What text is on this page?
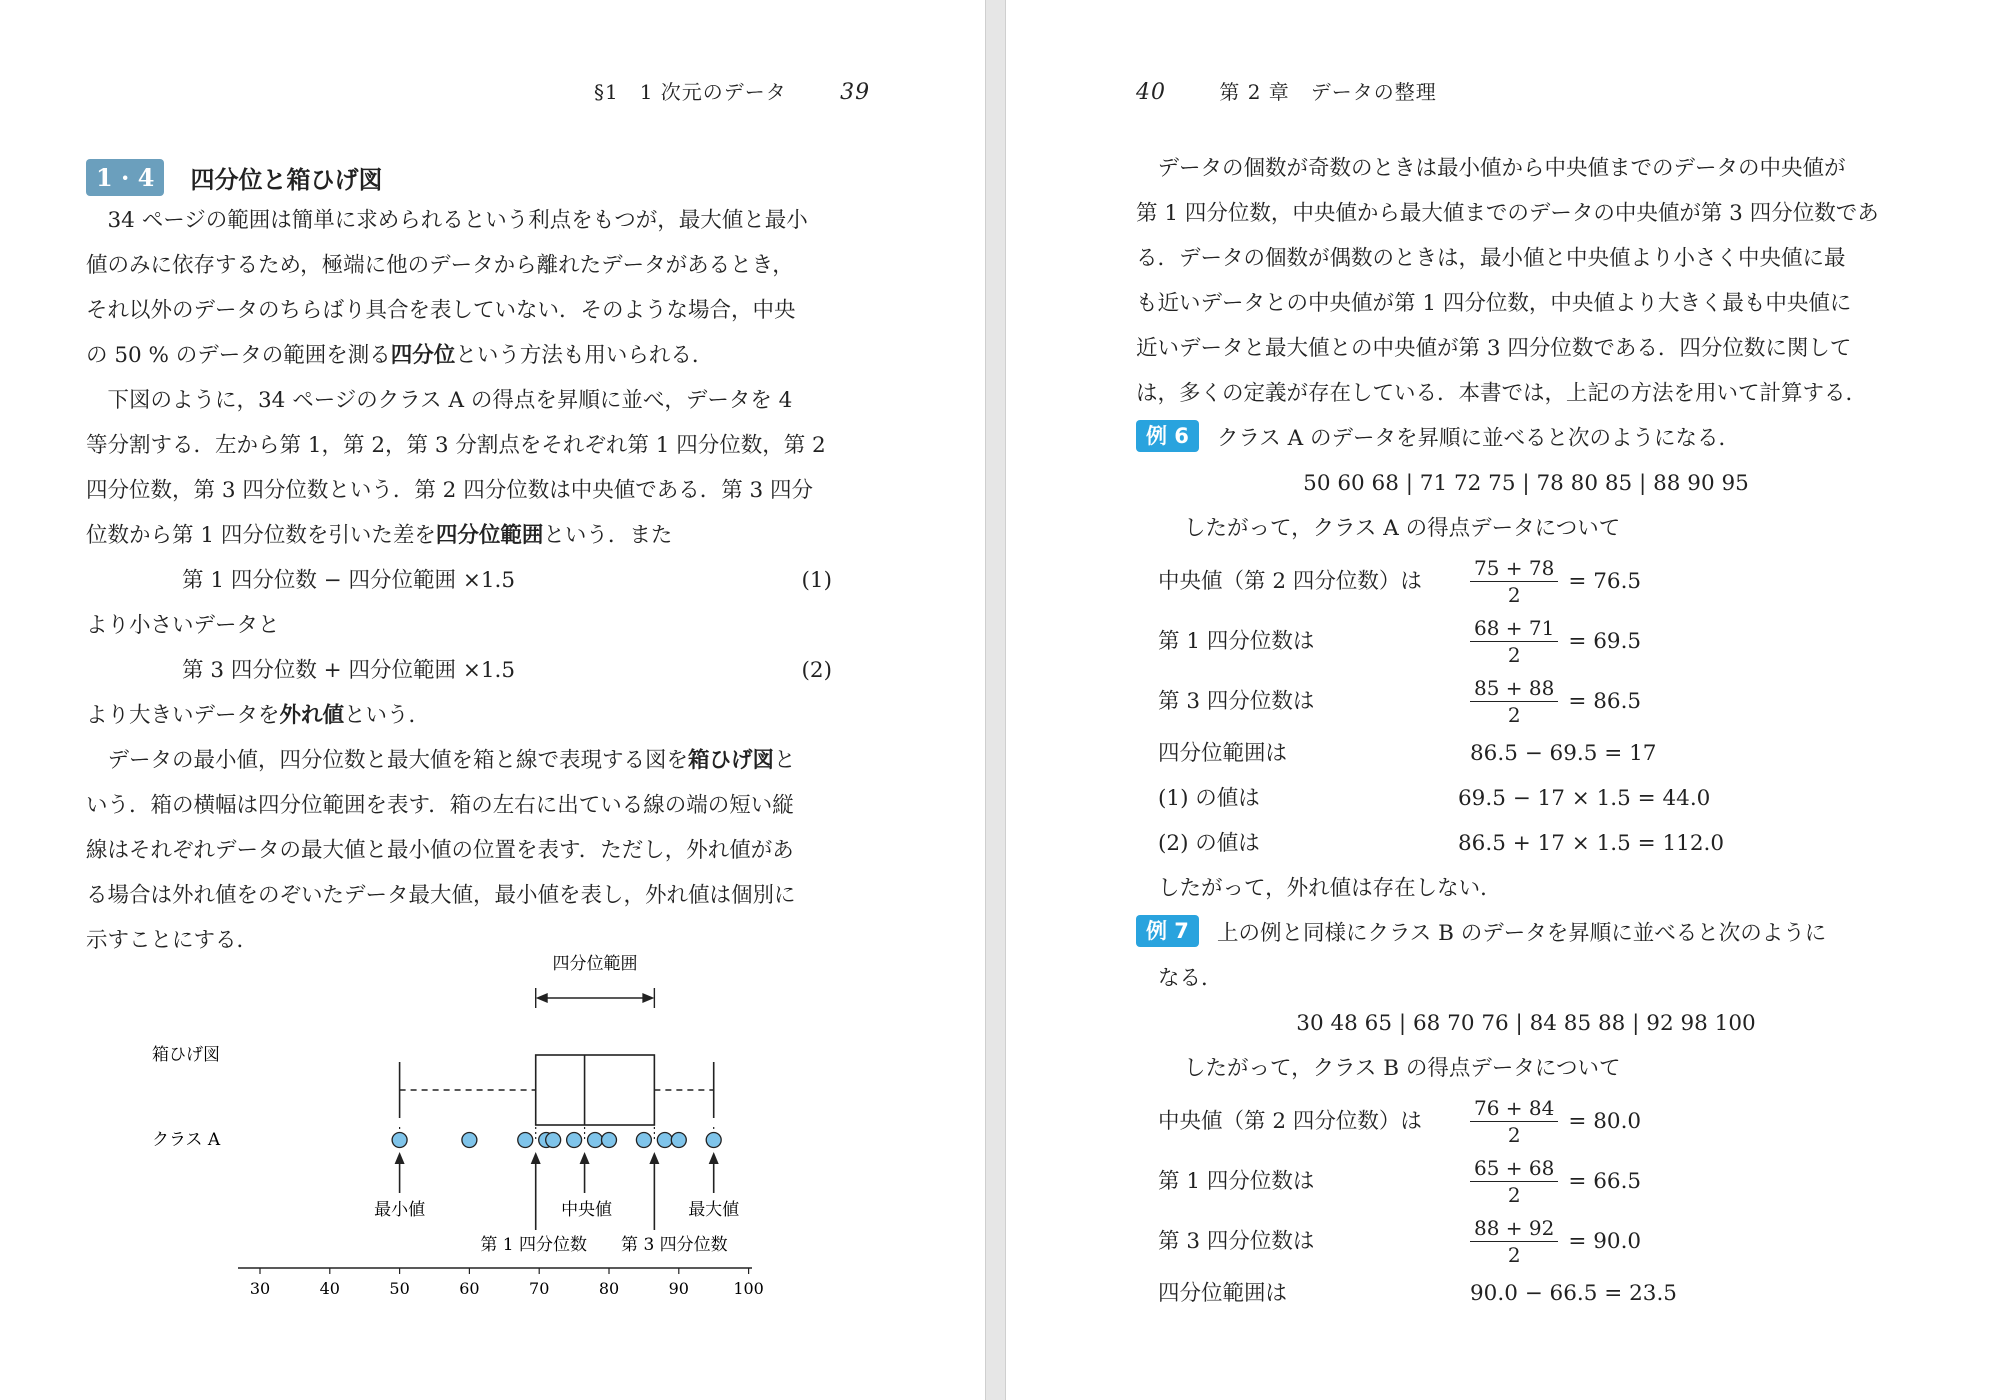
§1　1 次元のデータ 39
1 · 4	四分位と箱ひげ図

34 ページの範囲は簡単に求められるという利点をもつが，最大値と最小
値のみに依存するため，極端に他のデータから離れたデータがあるとき，
それ以外のデータのちらばり具合を表していない．そのような場合，中央
の 50 % のデータの範囲を測る四分位という方法も用いられる．

下図のように，34 ページのクラス A の得点を昇順に並べ，データを 4
等分割する．左から第 1，第 2，第 3 分割点をそれぞれ第 1 四分位数，第 2
四分位数，第 3 四分位数という．第 2 四分位数は中央値である．第 3 四分
位数から第 1 四分位数を引いた差を四分位範囲という．また

第 1 四分位数 − 四分位範囲 ×1.5	(1)

より小さいデータと

第 3 四分位数 + 四分位範囲 ×1.5	(2)

より大きいデータを外れ値という．

データの最小値，四分位数と最大値を箱と線で表現する図を箱ひげ図と
いう．箱の横幅は四分位範囲を表す．箱の左右に出ている線の端の短い縦
線はそれぞれデータの最大値と最小値の位置を表す．ただし，外れ値があ
る場合は外れ値をのぞいたデータ最大値，最小値を表し，外れ値は個別に
示すことにする．

四分位範囲
箱ひげ図
クラス A
最小値	中央値	最大値
第 1 四分位数 第 3 四分位数
30	40	50	60	70	80	90	100
40	第 2 章　データの整理

データの個数が奇数のときは最小値から中央値までのデータの中央値が
第 1 四分位数，中央値から最大値までのデータの中央値が第 3 四分位数であ
る．データの個数が偶数のときは，最小値と中央値より小さく中央値に最
も近いデータとの中央値が第 1 四分位数，中央値より大きく最も中央値に
近いデータと最大値との中央値が第 3 四分位数である．四分位数に関して
は，多くの定義が存在している．本書では，上記の方法を用いて計算する．

例 6 クラス A のデータを昇順に並べると次のようになる．

50 60 68 | 71 72 75 | 78 80 85 | 88 90 95

したがって，クラス A の得点データについて

中央値（第 2 四分位数）は	$\frac{75 + 78}{2} = 76.5$
第 1 四分位数は	$\frac{68 + 71}{2} = 69.5$
第 3 四分位数は	$\frac{85 + 88}{2} = 86.5$
四分位範囲は	86.5 − 69.5 = 17
(1) の値は	69.5 − 17 × 1.5 = 44.0
(2) の値は	86.5 + 17 × 1.5 = 112.0

したがって，外れ値は存在しない．

例 7 上の例と同様にクラス B のデータを昇順に並べると次のように

なる．

30 48 65 | 68 70 76 | 84 85 88 | 92 98 100

したがって，クラス B の得点データについて

中央値（第 2 四分位数）は	$\frac{76 + 84}{2} = 80.0$
第 1 四分位数は	$\frac{65 + 68}{2} = 66.5$
第 3 四分位数は	$\frac{88 + 92}{2} = 90.0$
四分位範囲は	90.0 − 66.5 = 23.5
